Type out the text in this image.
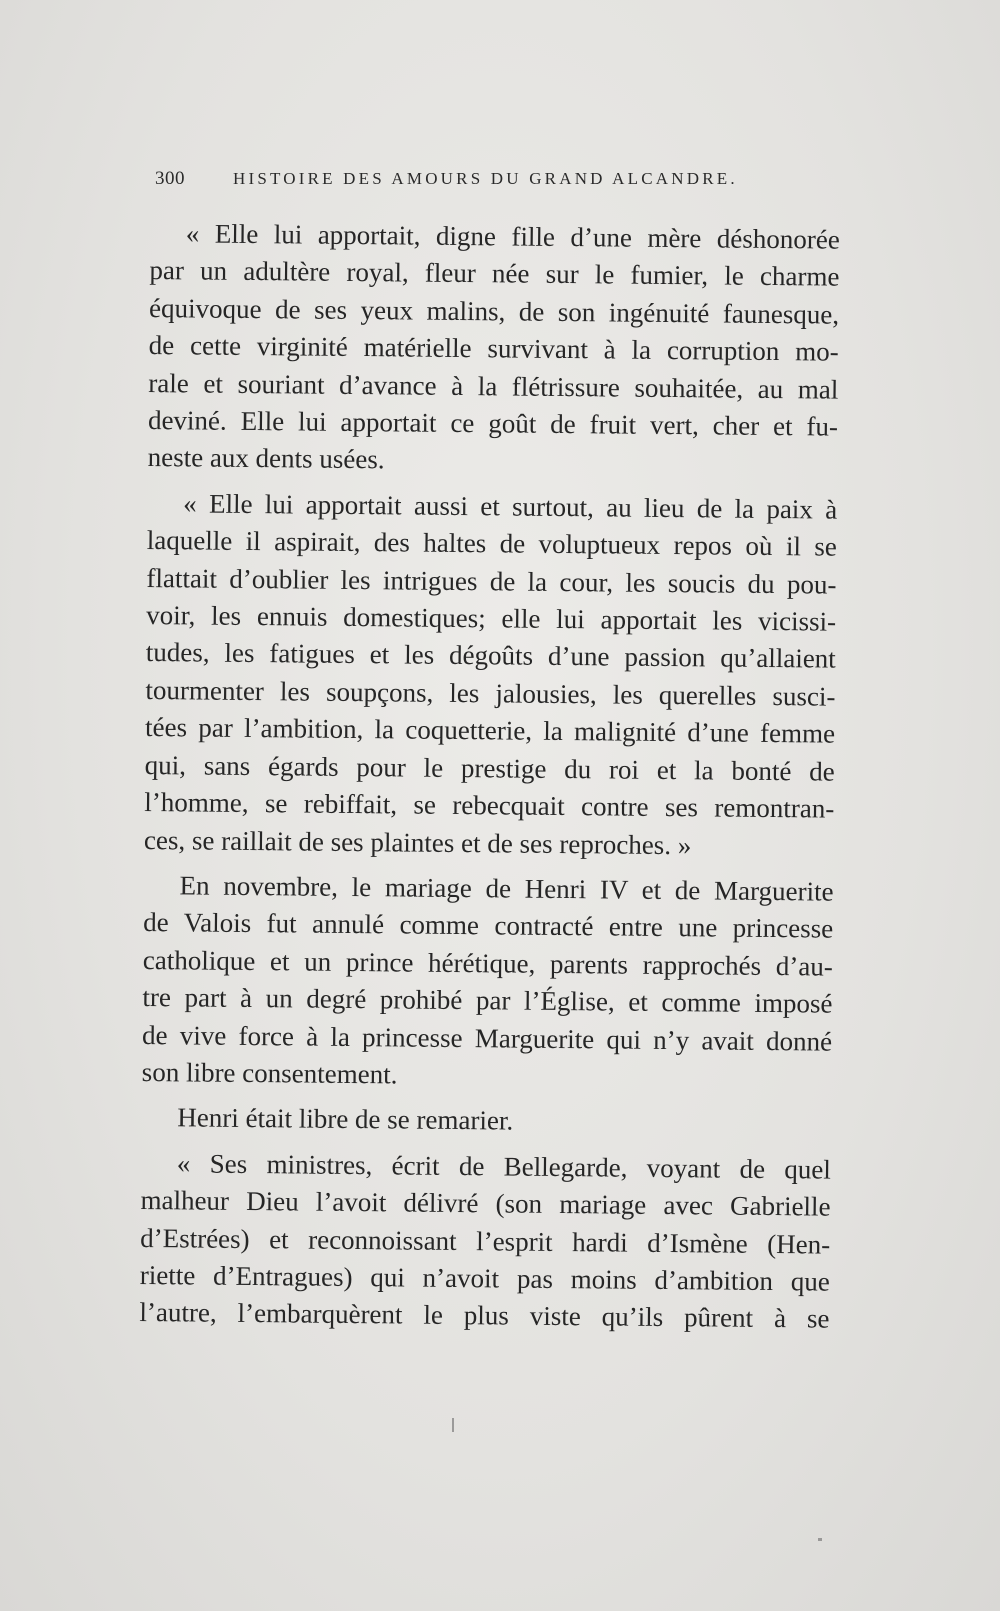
300	HISTOIRE DES AMOURS DU GRAND ALCANDRE.
« Elle lui apportait, digne fille d’une mère déshonorée
par un adultère royal, fleur née sur le fumier, le charme
équivoque de ses yeux malins, de son ingénuité faunesque,
de cette virginité matérielle survivant à la corruption mo-
rale et souriant d’avance à la flétrissure souhaitée, au mal
deviné. Elle lui apportait ce goût de fruit vert, cher et fu-
neste aux dents usées.
« Elle lui apportait aussi et surtout, au lieu de la paix à
laquelle il aspirait, des haltes de voluptueux repos où il se
flattait d’oublier les intrigues de la cour, les soucis du pou-
voir, les ennuis domestiques; elle lui apportait les vicissi-
tudes, les fatigues et les dégoûts d’une passion qu’allaient
tourmenter les soupçons, les jalousies, les querelles susci-
tées par l’ambition, la coquetterie, la malignité d’une femme
qui, sans égards pour le prestige du roi et la bonté de
l’homme, se rebiffait, se rebecquait contre ses remontran-
ces, se raillait de ses plaintes et de ses reproches. »
En novembre, le mariage de Henri IV et de Marguerite
de Valois fut annulé comme contracté entre une princesse
catholique et un prince hérétique, parents rapprochés d’au-
tre part à un degré prohibé par l’Église, et comme imposé
de vive force à la princesse Marguerite qui n’y avait donné
son libre consentement.
Henri était libre de se remarier.
« Ses ministres, écrit de Bellegarde, voyant de quel
malheur Dieu l’avoit délivré (son mariage avec Gabrielle
d’Estrées) et reconnoissant l’esprit hardi d’Ismène (Hen-
riette d’Entragues) qui n’avoit pas moins d’ambition que
l’autre, l’embarquèrent le plus viste qu’ils pûrent à se
